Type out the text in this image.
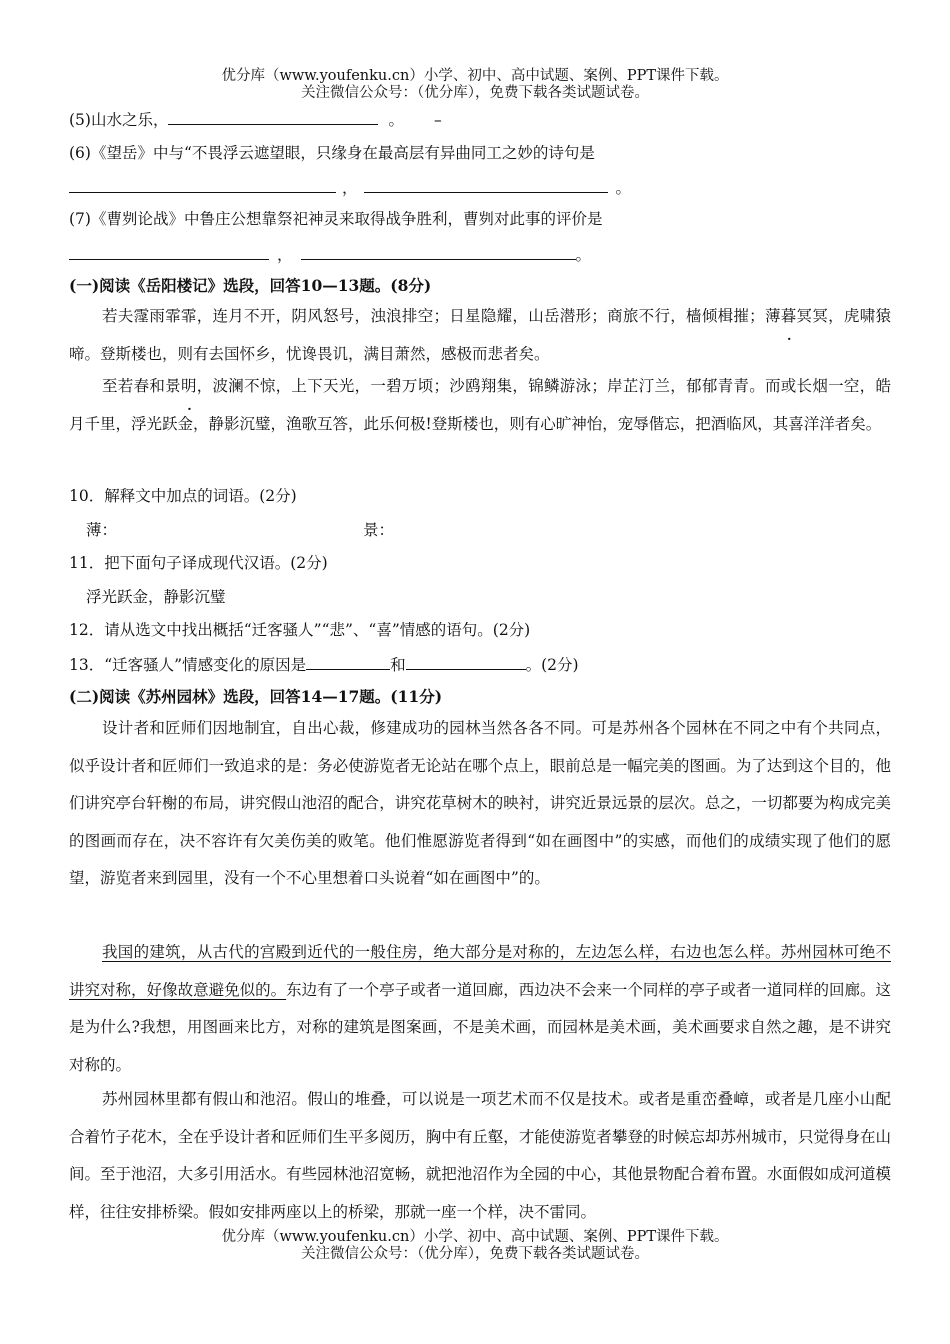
优分库（www.youfenku.cn）小学、初中、高中试题、案例、PPT课件下载。
关注微信公众号：（优分库），免费下载各类试题试卷。
(5)山水之乐，	。 –
(6)《望岳》中与“不畏浮云遮望眼，只缘身在最高层有异曲同工之妙的诗句是
，	。
(7)《曹刿论战》中鲁庄公想靠祭祀神灵来取得战争胜利，曹刿对此事的评价是
，	。
(一)阅读《岳阳楼记》选段，回答10—13题。(8分)
若夫霪雨霏霏，连月不开，阴风怒号，浊浪排空；日星隐耀，山岳潜形；商旅不行，樯倾楫摧；薄暮冥冥，虎啸猿啼。登斯楼也，则有去国怀乡，忧谗畏讥，满目萧然，感极而悲者矣。
至若春和景明，波澜不惊，上下天光，一碧万顷；沙鸥翔集，锦鳞游泳；岸芷汀兰，郁郁青青。而或长烟一空，皓月千里，浮光跃金，静影沉璧，渔歌互答，此乐何极!登斯楼也，则有心旷神怡，宠辱偕忘，把酒临风，其喜洋洋者矣。
10．解释文中加点的词语。(2分)
薄：	景：
11．把下面句子译成现代汉语。(2分)
浮光跃金，静影沉璧
12．请从选文中找出概括“迁客骚人”“悲”、“喜”情感的语句。(2分)
13．“迁客骚人”情感变化的原因是	和	。(2分)
(二)阅读《苏州园林》选段，回答14—17题。(11分)
设计者和匠师们因地制宜，自出心裁，修建成功的园林当然各各不同。可是苏州各个园林在不同之中有个共同点，似乎设计者和匠师们一致追求的是：务必使游览者无论站在哪个点上，眼前总是一幅完美的图画。为了达到这个目的，他们讲究亭台轩榭的布局，讲究假山池沼的配合，讲究花草树木的映衬，讲究近景远景的层次。总之，一切都要为构成完美的图画而存在，决不容许有欠美伤美的败笔。他们惟愿游览者得到“如在画图中”的实感，而他们的成绩实现了他们的愿望，游览者来到园里，没有一个不心里想着口头说着“如在画图中”的。
我国的建筑，从古代的宫殿到近代的一般住房，绝大部分是对称的，左边怎么样，右边也怎么样。苏州园林可绝不讲究对称，好像故意避免似的。东边有了一个亭子或者一道回廊，西边决不会来一个同样的亭子或者一道同样的回廊。这是为什么?我想，用图画来比方，对称的建筑是图案画，不是美术画，而园林是美术画，美术画要求自然之趣，是不讲究对称的。
苏州园林里都有假山和池沼。假山的堆叠，可以说是一项艺术而不仅是技术。或者是重峦叠嶂，或者是几座小山配合着竹子花木，全在乎设计者和匠师们生平多阅历，胸中有丘壑，才能使游览者攀登的时候忘却苏州城市，只觉得身在山间。至于池沼，大多引用活水。有些园林池沼宽畅，就把池沼作为全园的中心，其他景物配合着布置。水面假如成河道模样，往往安排桥梁。假如安排两座以上的桥梁，那就一座一个样，决不雷同。
优分库（www.youfenku.cn）小学、初中、高中试题、案例、PPT课件下载。
关注微信公众号：（优分库），免费下载各类试题试卷。
